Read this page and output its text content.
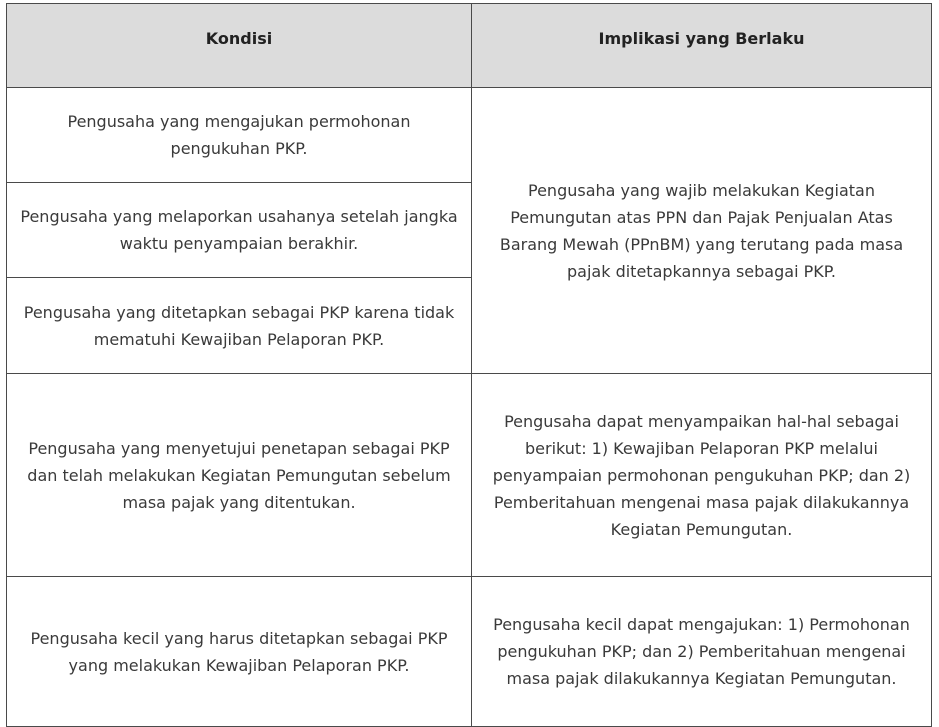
Kondisi	Implikasi yang Berlaku
Pengusaha yang mengajukan permohonan pengukuhan PKP.	Pengusaha yang wajib melakukan Kegiatan Pemungutan atas PPN dan Pajak Penjualan Atas Barang Mewah (PPnBM) yang terutang pada masa pajak ditetapkannya sebagai PKP.
Pengusaha yang melaporkan usahanya setelah jangka waktu penyampaian berakhir.	
Pengusaha yang ditetapkan sebagai PKP karena tidak mematuhi Kewajiban Pelaporan PKP.	
Pengusaha yang menyetujui penetapan sebagai PKP dan telah melakukan Kegiatan Pemungutan sebelum masa pajak yang ditentukan.	Pengusaha dapat menyampaikan hal-hal sebagai berikut: 1) Kewajiban Pelaporan PKP melalui penyampaian permohonan pengukuhan PKP; dan 2) Pemberitahuan mengenai masa pajak dilakukannya Kegiatan Pemungutan.
Pengusaha kecil yang harus ditetapkan sebagai PKP yang melakukan Kewajiban Pelaporan PKP.	Pengusaha kecil dapat mengajukan: 1) Permohonan pengukuhan PKP; dan 2) Pemberitahuan mengenai masa pajak dilakukannya Kegiatan Pemungutan.
